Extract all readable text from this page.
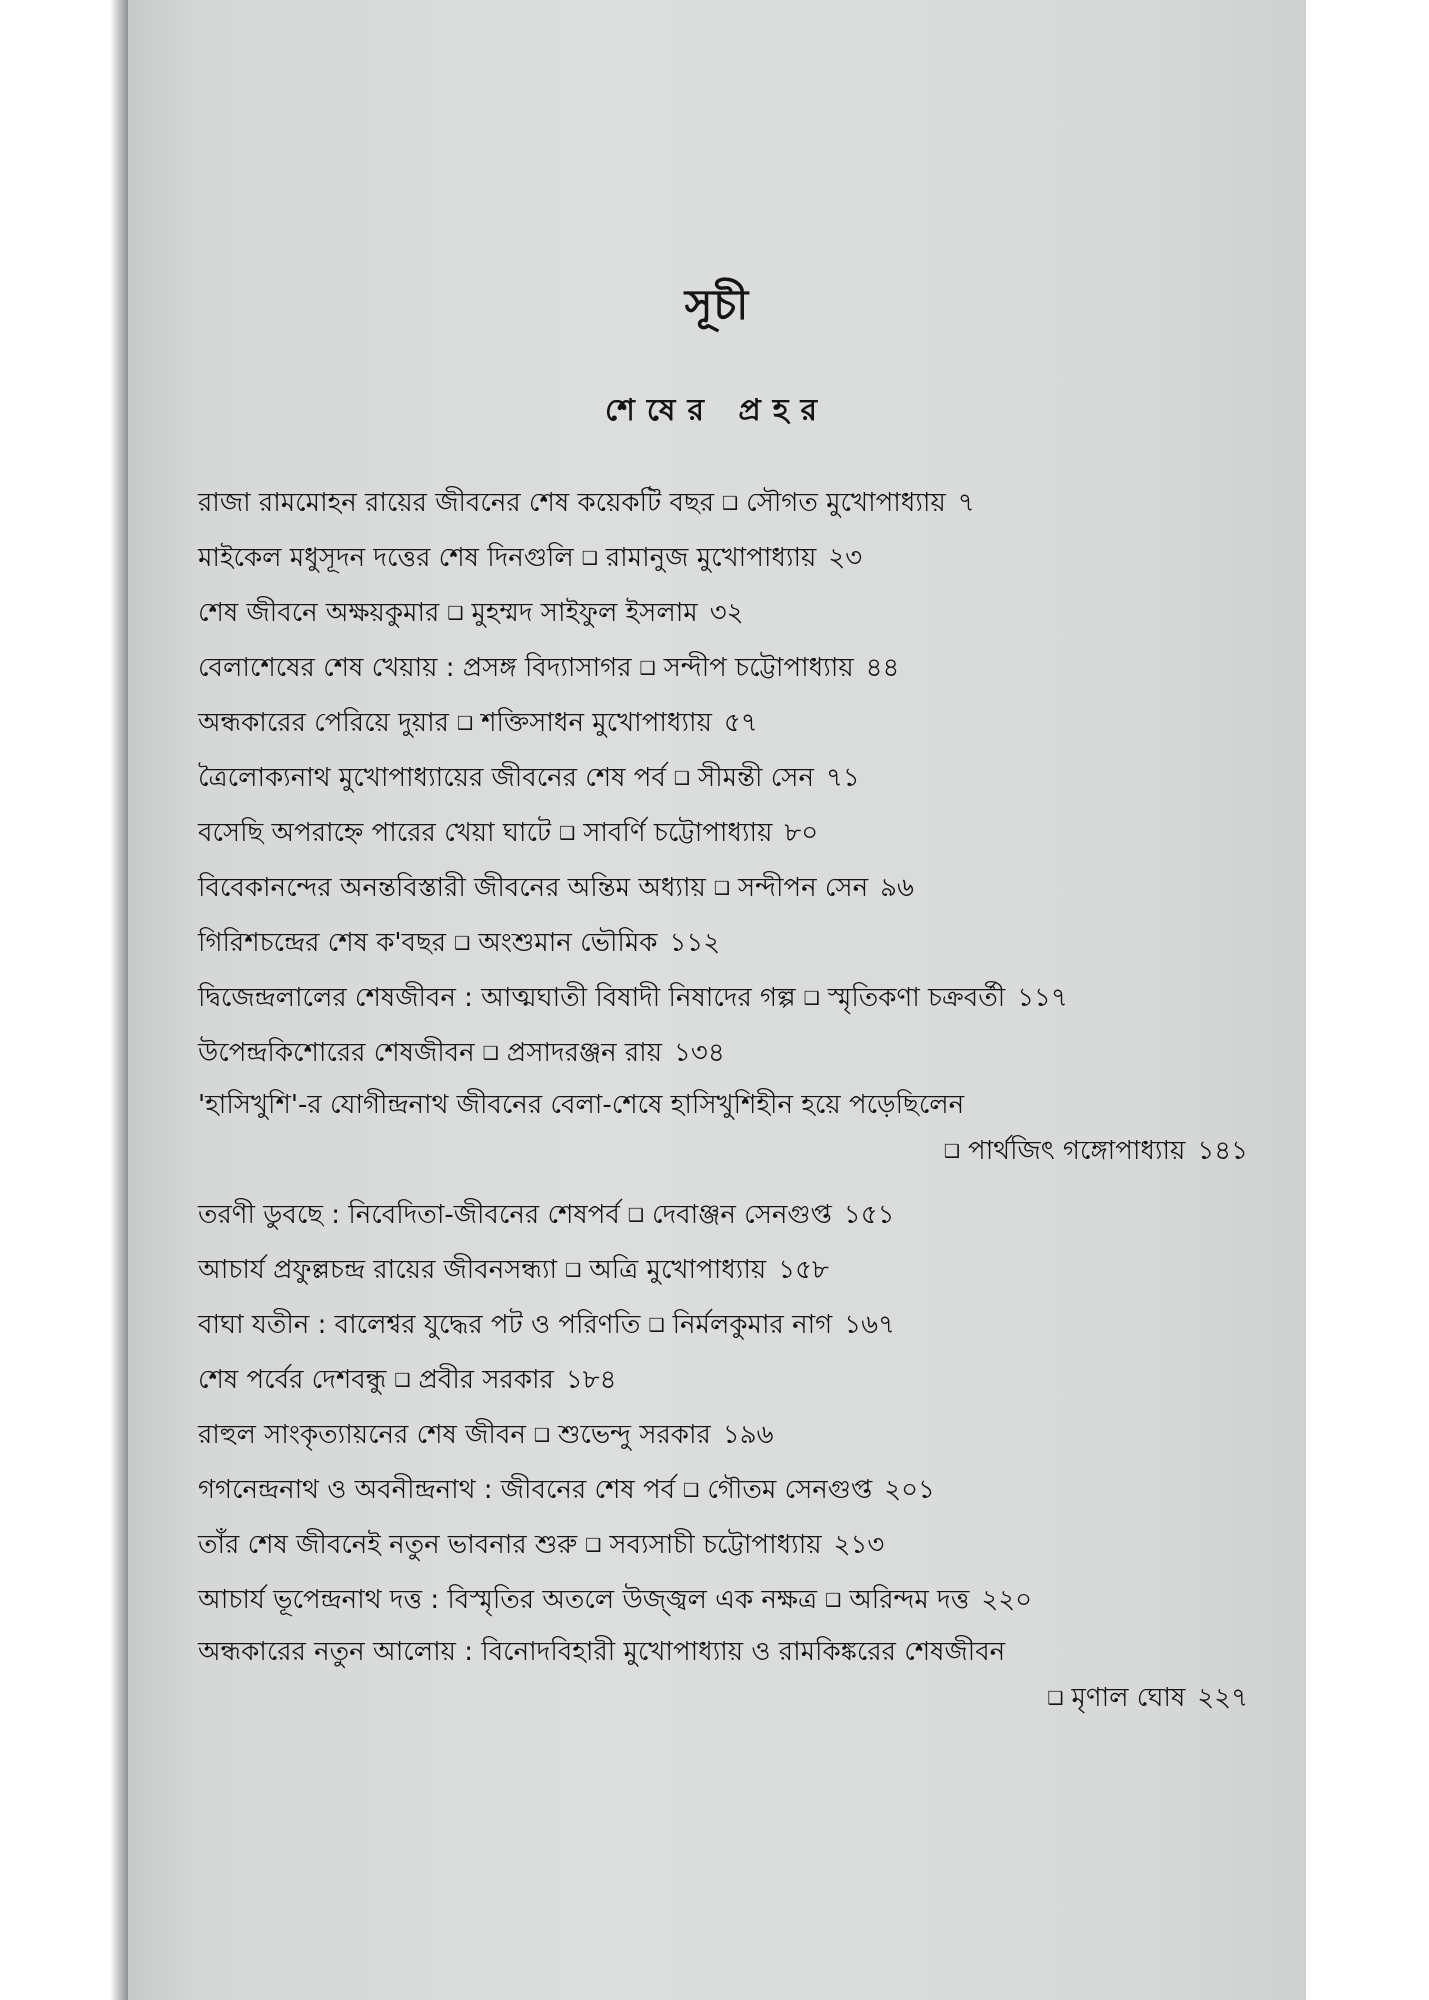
সূচী
শেষের প্রহর
রাজা রামমোহন রায়ের জীবনের শেষ কয়েকটি বছর ❑ সৌগত মুখোপাধ্যায় ৭
মাইকেল মধুসূদন দত্তের শেষ দিনগুলি ❑ রামানুজ মুখোপাধ্যায় ২৩
শেষ জীবনে অক্ষয়কুমার ❑ মুহম্মদ সাইফুল ইসলাম ৩২
বেলাশেষের শেষ খেয়ায় : প্রসঙ্গ বিদ্যাসাগর ❑ সন্দীপ চট্টোপাধ্যায় ৪৪
অন্ধকারের পেরিয়ে দুয়ার ❑ শক্তিসাধন মুখোপাধ্যায় ৫৭
ত্রৈলোক্যনাথ মুখোপাধ্যায়ের জীবনের শেষ পর্ব ❑ সীমন্তী সেন ৭১
বসেছি অপরাহ্নে পারের খেয়া ঘাটে ❑ সাবর্ণি চট্টোপাধ্যায় ৮০
বিবেকানন্দের অনন্তবিস্তারী জীবনের অন্তিম অধ্যায় ❑ সন্দীপন সেন ৯৬
গিরিশচন্দ্রের শেষ ক'বছর ❑ অংশুমান ভৌমিক ১১২
দ্বিজেন্দ্রলালের শেষজীবন : আত্মঘাতী বিষাদী নিষাদের গল্প ❑ স্মৃতিকণা চক্রবর্তী ১১৭
উপেন্দ্রকিশোরের শেষজীবন ❑ প্রসাদরঞ্জন রায় ১৩৪
'হাসিখুশি'-র যোগীন্দ্রনাথ জীবনের বেলা-শেষে হাসিখুশিহীন হয়ে পড়েছিলেন
❑ পার্থজিৎ গঙ্গোপাধ্যায় ১৪১
তরণী ডুবছে : নিবেদিতা-জীবনের শেষপর্ব ❑ দেবাঞ্জন সেনগুপ্ত ১৫১
আচার্য প্রফুল্লচন্দ্র রায়ের জীবনসন্ধ্যা ❑ অত্রি মুখোপাধ্যায় ১৫৮
বাঘা যতীন : বালেশ্বর যুদ্ধের পট ও পরিণতি ❑ নির্মলকুমার নাগ ১৬৭
শেষ পর্বের দেশবন্ধু ❑ প্রবীর সরকার ১৮৪
রাহুল সাংকৃত্যায়নের শেষ জীবন ❑ শুভেন্দু সরকার ১৯৬
গগনেন্দ্রনাথ ও অবনীন্দ্রনাথ : জীবনের শেষ পর্ব ❑ গৌতম সেনগুপ্ত ২০১
তাঁর শেষ জীবনেই নতুন ভাবনার শুরু ❑ সব্যসাচী চট্টোপাধ্যায় ২১৩
আচার্য ভূপেন্দ্রনাথ দত্ত : বিস্মৃতির অতলে উজ্জ্বল এক নক্ষত্র ❑ অরিন্দম দত্ত ২২০
অন্ধকারের নতুন আলোয় : বিনোদবিহারী মুখোপাধ্যায় ও রামকিঙ্করের শেষজীবন
❑ মৃণাল ঘোষ ২২৭
